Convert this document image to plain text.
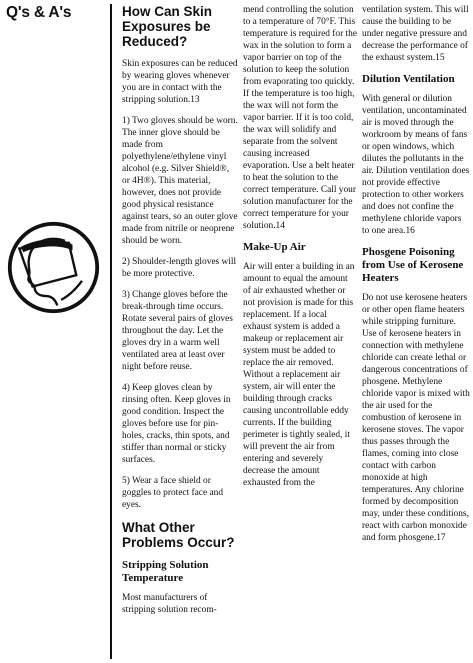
Q's & A's	How Can Skin Exposures be Reduced?

Skin exposures can be reduced by wearing gloves whenever you are in contact with the stripping solution.13

1) Two gloves should be worn. The inner glove should be made from polyethylene/ethylene vinyl alcohol (e.g. Silver Shield®, or 4H®). This material, however, does not provide good physical resistance against tears, so an outer glove made from nitrile or neoprene should be worn.

2) Shoulder-length gloves will be more protective.

3) Change gloves before the break-through time occurs. Rotate several pairs of gloves throughout the day. Let the gloves dry in a warm well ventilated area at least over night before reuse.

4) Keep gloves clean by rinsing often. Keep gloves in good condition. Inspect the gloves before use for pin-holes, cracks, thin spots, and stiffer than normal or sticky surfaces.

5) Wear a face shield or goggles to protect face and eyes.

What Other Problems Occur?
Stripping Solution Temperature

Most manufacturers of stripping solution recom-

mend controlling the solution to a temperature of 70°F. This temperature is required for the wax in the solution to form a vapor barrier on top of the solution to keep the solution from evaporating too quickly. If the temperature is too high, the wax will not form the vapor barrier. If it is too cold, the wax will solidify and separate from the solvent causing increased evaporation. Use a belt heater to heat the solution to the correct temperature. Call your solution manufacturer for the correct temperature for your solution.14

Make-Up Air

Air will enter a building in an amount to equal the amount of air exhausted whether or not provision is made for this replacement. If a local exhaust system is added a makeup or replacement air system must be added to replace the air removed. Without a replacement air system, air will enter the building through cracks causing uncontrollable eddy currents. If the building perimeter is tightly sealed, it will prevent the air from entering and severely decrease the amount exhausted from the

ventilation system. This will cause the building to be under negative pressure and decrease the performance of the exhaust system.15

Dilution Ventilation

With general or dilution ventilation, uncontaminated air is moved through the workroom by means of fans or open windows, which dilutes the pollutants in the air. Dilution ventilation does not provide effective protection to other workers and does not confine the methylene chloride vapors to one area.16

Phosgene Poisoning from Use of Kerosene Heaters

Do not use kerosene heaters or other open flame heaters while stripping furniture. Use of kerosene heaters in connection with methylene chloride can create lethal or dangerous concentrations of phosgene. Methylene chloride vapor is mixed with the air used for the combustion of kerosene in kerosene stoves. The vapor thus passes through the flames, coming into close contact with carbon monoxide at high temperatures. Any chlorine formed by decomposition may, under these conditions, react with carbon monoxide and form phosgene.17
